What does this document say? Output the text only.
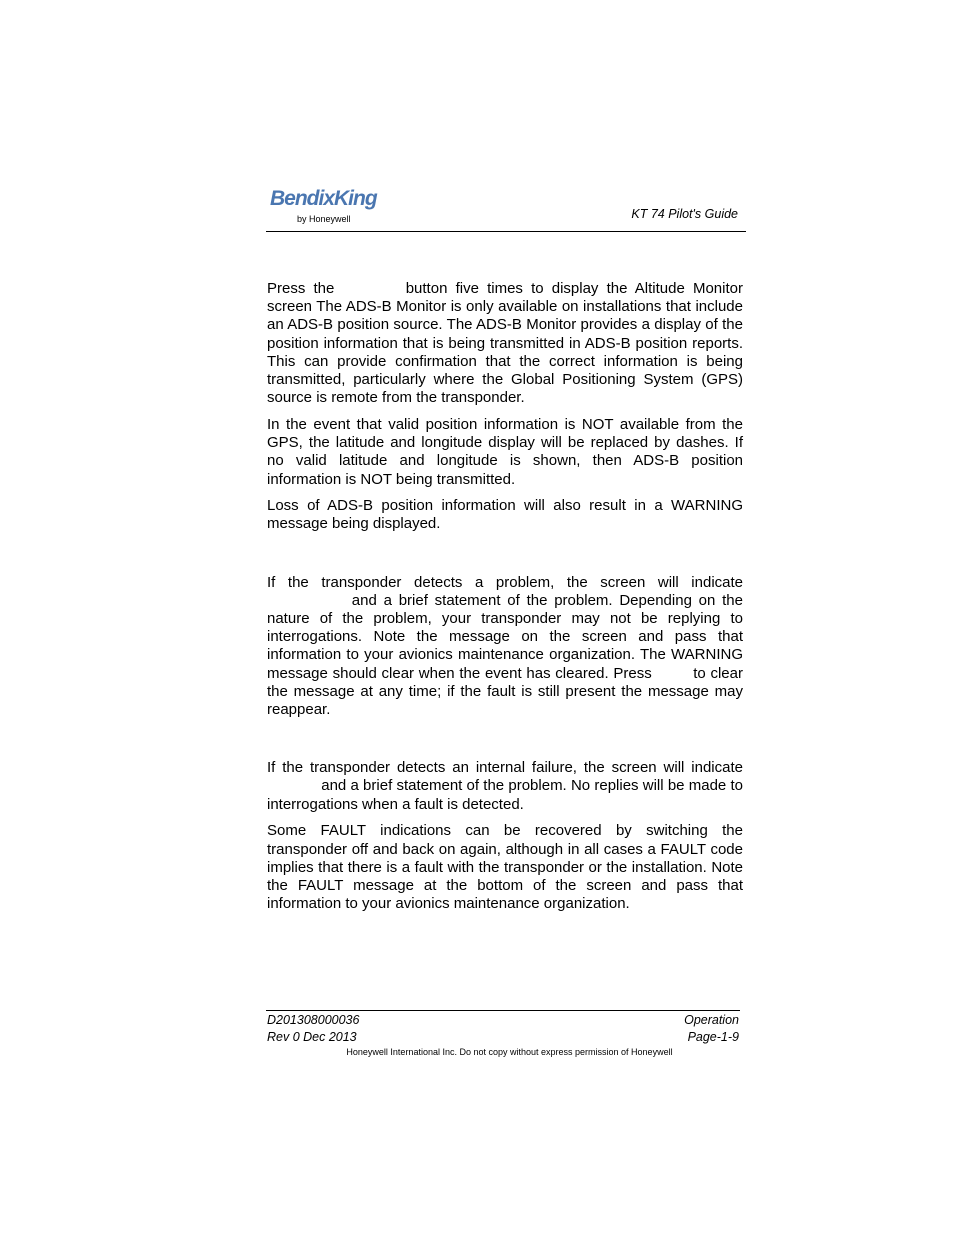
BendixKing
by Honeywell	KT 74 Pilot's Guide

Press the	button five times to display the Altitude Monitor screen The ADS-B Monitor is only available on installations that include an ADS-B position source. The ADS-B Monitor provides a display of the position information that is being transmitted in ADS-B position reports. This can provide confirmation that the correct information is being transmitted, particularly where the Global Positioning System (GPS) source is remote from the transponder.

In the event that valid position information is NOT available from the GPS, the latitude and longitude display will be replaced by dashes. If no valid latitude and longitude is shown, then ADS-B position information is NOT being transmitted.

Loss of ADS-B position information will also result in a WARNING message being displayed.

If the transponder detects a problem, the screen will indicate  and a brief statement of the problem. Depending on the nature of the problem, your transponder may not be replying to interrogations. Note the message on the screen and pass that information to your avionics maintenance organization. The WARNING message should clear when the event has cleared. Press	to clear the message at any time; if the fault is still present the message may reappear.

If the transponder detects an internal failure, the screen will indicate  and a brief statement of the problem. No replies will be made to interrogations when a fault is detected.

Some FAULT indications can be recovered by switching the transponder off and back on again, although in all cases a FAULT code implies that there is a fault with the transponder or the installation. Note the FAULT message at the bottom of the screen and pass that information to your avionics maintenance organization.

D201308000036
Rev 0 Dec 2013
Operation
Page-1-9
Honeywell International Inc. Do not copy without express permission of Honeywell
